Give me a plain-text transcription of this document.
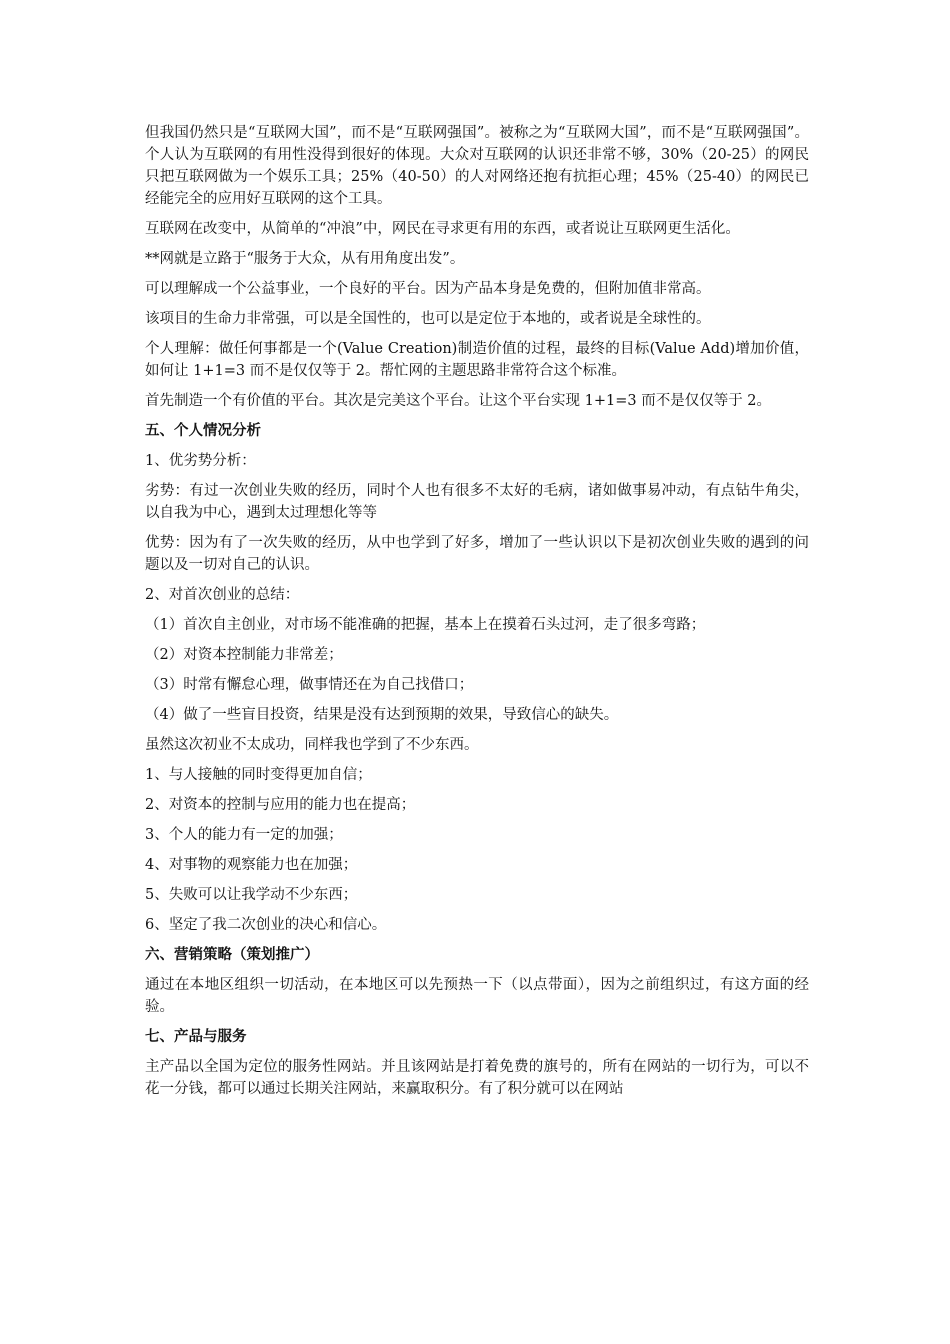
但我国仍然只是“互联网大国”，而不是“互联网强国”。被称之为“互联网大国”，而不是“互联网强国”。个人认为互联网的有用性没得到很好的体现。大众对互联网的认识还非常不够，30%（20-25）的网民只把互联网做为一个娱乐工具；25%（40-50）的人对网络还抱有抗拒心理；45%（25-40）的网民已经能完全的应用好互联网的这个工具。

互联网在改变中，从简单的“冲浪”中，网民在寻求更有用的东西，或者说让互联网更生活化。

**网就是立路于“服务于大众，从有用角度出发”。

可以理解成一个公益事业，一个良好的平台。因为产品本身是免费的，但附加值非常高。

该项目的生命力非常强，可以是全国性的，也可以是定位于本地的，或者说是全球性的。

个人理解：做任何事都是一个(Value Creation)制造价值的过程，最终的目标(Value Add)增加价值，如何让 1+1=3 而不是仅仅等于 2。帮忙网的主题思路非常符合这个标准。

首先制造一个有价值的平台。其次是完美这个平台。让这个平台实现 1+1=3 而不是仅仅等于 2。

五、个人情况分析

1、优劣势分析：

劣势：有过一次创业失败的经历，同时个人也有很多不太好的毛病，诸如做事易冲动，有点钻牛角尖，以自我为中心，遇到太过理想化等等

优势：因为有了一次失败的经历，从中也学到了好多，增加了一些认识以下是初次创业失败的遇到的问题以及一切对自己的认识。

2、对首次创业的总结：

（1）首次自主创业，对市场不能准确的把握，基本上在摸着石头过河，走了很多弯路；

（2）对资本控制能力非常差；

（3）时常有懈怠心理，做事情还在为自己找借口；

（4）做了一些盲目投资，结果是没有达到预期的效果，导致信心的缺失。

虽然这次初业不太成功，同样我也学到了不少东西。

1、与人接触的同时变得更加自信；

2、对资本的控制与应用的能力也在提高；

3、个人的能力有一定的加强；

4、对事物的观察能力也在加强；

5、失败可以让我学动不少东西；

6、坚定了我二次创业的决心和信心。

六、营销策略（策划推广）

通过在本地区组织一切活动，在本地区可以先预热一下（以点带面），因为之前组织过，有这方面的经验。

七、产品与服务

主产品以全国为定位的服务性网站。并且该网站是打着免费的旗号的，所有在网站的一切行为，可以不花一分钱，都可以通过长期关注网站，来赢取积分。有了积分就可以在网站
